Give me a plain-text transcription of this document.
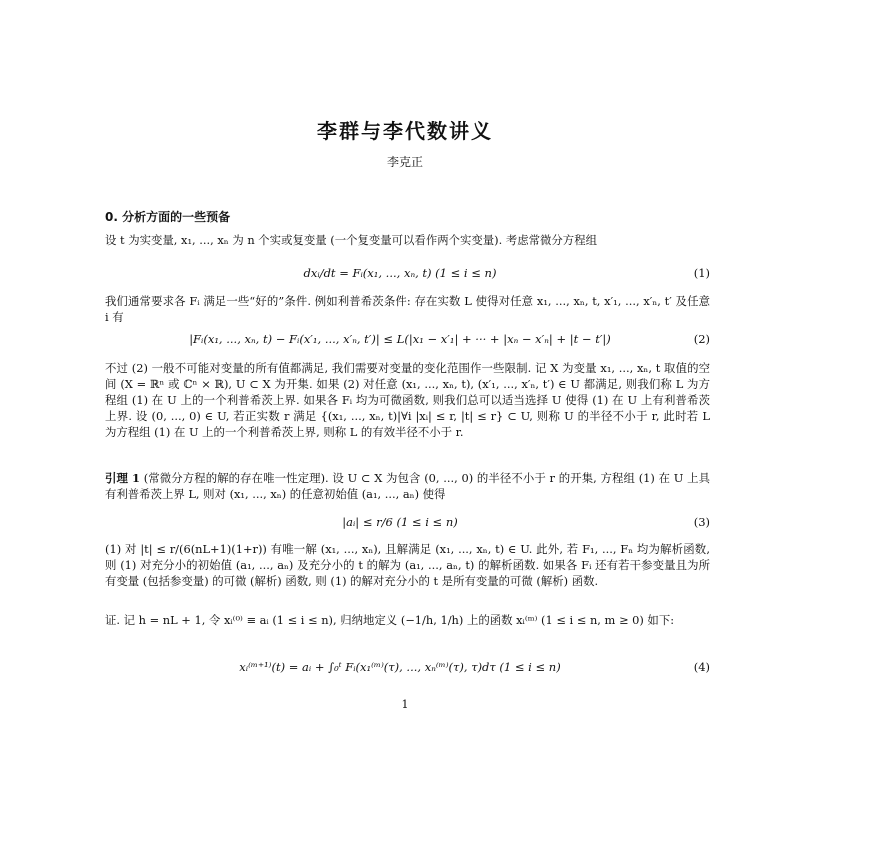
李群与李代数讲义
李克正
0. 分析方面的一些预备
设 t 为实变量, x₁, ..., xₙ 为 n 个实或复变量 (一个复变量可以看作两个实变量). 考虑常微分方程组
dxᵢ/dt = Fᵢ(x₁, ..., xₙ, t) (1 ≤ i ≤ n)	(1)
我们通常要求各 Fᵢ 满足一些“好的”条件. 例如利普希茨条件: 存在实数 L 使得对任意 x₁, ..., xₙ, t, x′₁, ..., x′ₙ, t′ 及任意 i 有
|Fᵢ(x₁, ..., xₙ, t) − Fᵢ(x′₁, ..., x′ₙ, t′)| ≤ L(|x₁ − x′₁| + ··· + |xₙ − x′ₙ| + |t − t′|)	(2)
不过 (2) 一般不可能对变量的所有值都满足, 我们需要对变量的变化范围作一些限制. 记 X 为变量 x₁, ..., xₙ, t 取值的空间 (X = ℝⁿ 或 ℂⁿ × ℝ), U ⊂ X 为开集. 如果 (2) 对任意 (x₁, ..., xₙ, t), (x′₁, ..., x′ₙ, t′) ∈ U 都满足, 则我们称 L 为方程组 (1) 在 U 上的一个利普希茨上界. 如果各 Fᵢ 均为可微函数, 则我们总可以适当选择 U 使得 (1) 在 U 上有利普希茨上界. 设 (0, ..., 0) ∈ U, 若正实数 r 满足 {(x₁, ..., xₙ, t)|∀i |xᵢ| ≤ r, |t| ≤ r} ⊂ U, 则称 U 的半径不小于 r, 此时若 L 为方程组 (1) 在 U 上的一个利普希茨上界, 则称 L 的有效半径不小于 r.
引理 1 (常微分方程的解的存在唯一性定理). 设 U ⊂ X 为包含 (0, ..., 0) 的半径不小于 r 的开集, 方程组 (1) 在 U 上具有利普希茨上界 L, 则对 (x₁, ..., xₙ) 的任意初始值 (a₁, ..., aₙ) 使得
|aᵢ| ≤ r/6 (1 ≤ i ≤ n)	(3)
(1) 对 |t| ≤ r/(6(nL+1)(1+r)) 有唯一解 (x₁, ..., xₙ), 且解满足 (x₁, ..., xₙ, t) ∈ U. 此外, 若 F₁, ..., Fₙ 均为解析函数, 则 (1) 对充分小的初始值 (a₁, ..., aₙ) 及充分小的 t 的解为 (a₁, ..., aₙ, t) 的解析函数. 如果各 Fᵢ 还有若干参变量且为所有变量 (包括参变量) 的可微 (解析) 函数, 则 (1) 的解对充分小的 t 是所有变量的可微 (解析) 函数.
证. 记 h = nL + 1, 令 xᵢ⁽⁰⁾ ≡ aᵢ (1 ≤ i ≤ n), 归纳地定义 (−1/h, 1/h) 上的函数 xᵢ⁽ᵐ⁾ (1 ≤ i ≤ n, m ≥ 0) 如下:
xᵢ⁽ᵐ⁺¹⁾(t) = aᵢ + ∫₀ᵗ Fᵢ(x₁⁽ᵐ⁾(τ), ..., xₙ⁽ᵐ⁾(τ), τ)dτ (1 ≤ i ≤ n)	(4)
1
